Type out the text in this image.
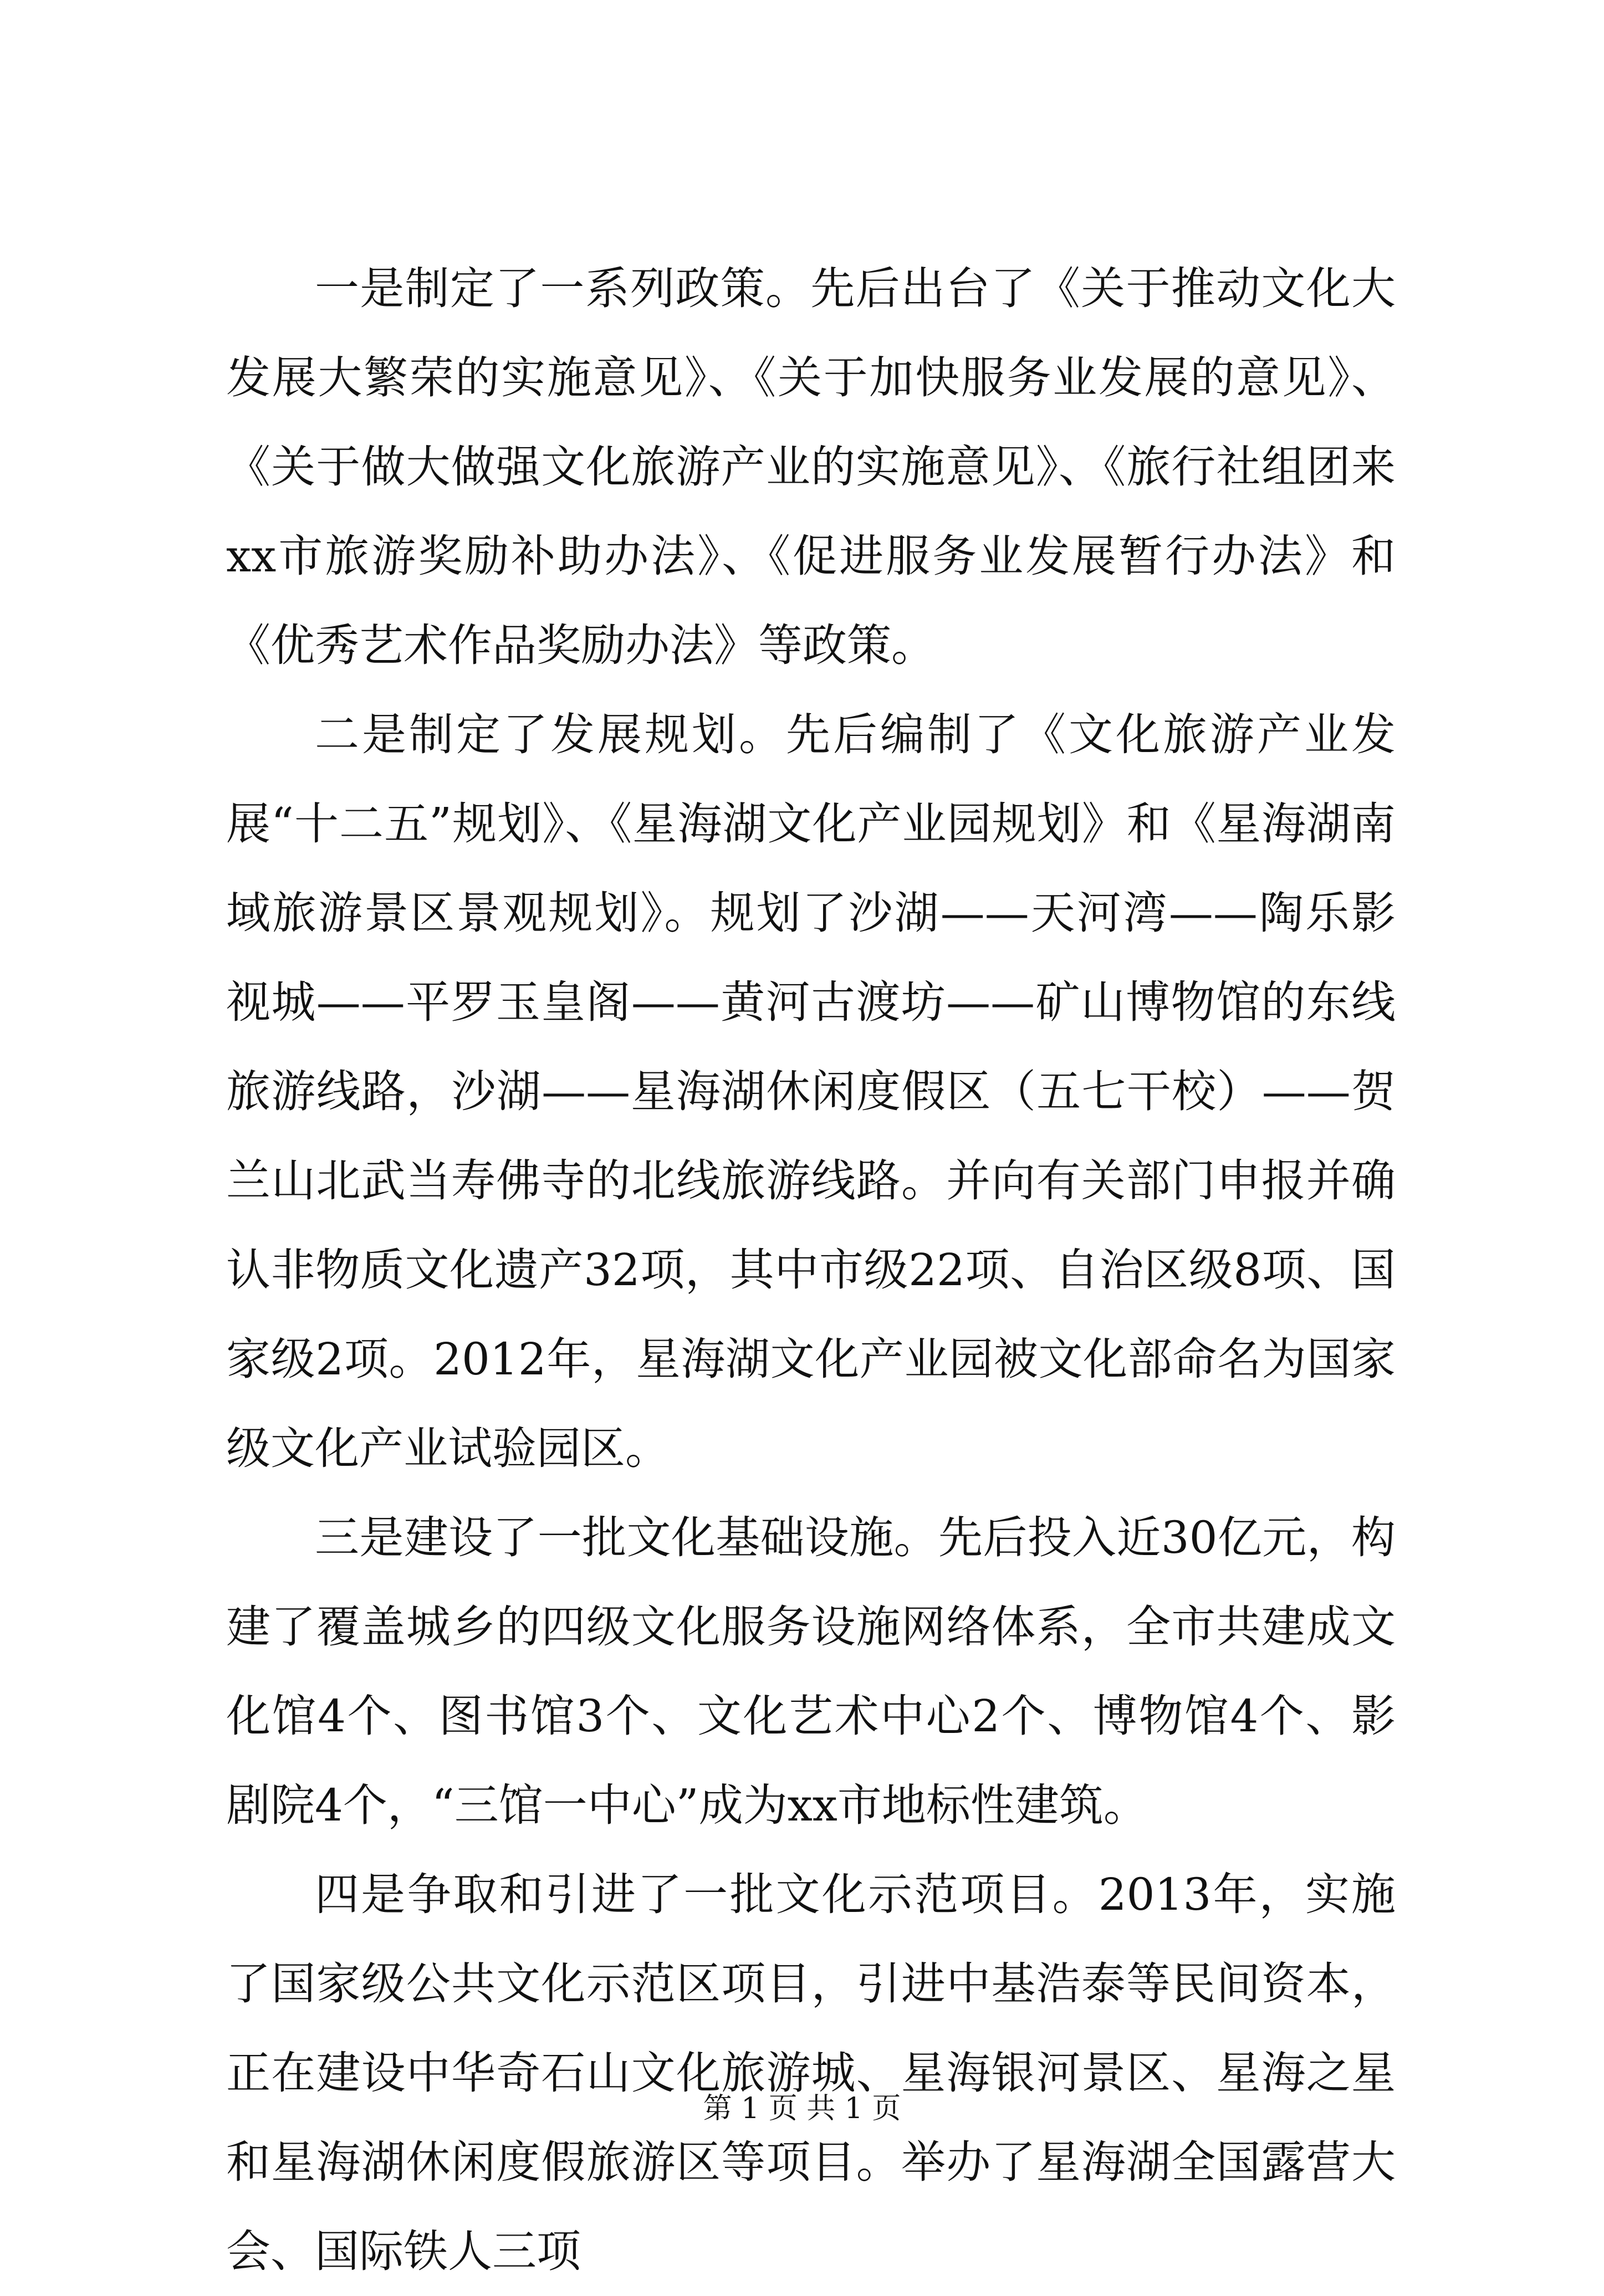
一是制定了一系列政策。先后出台了《关于推动文化大发展大繁荣的实施意见》、《关于加快服务业发展的意见》、《关于做大做强文化旅游产业的实施意见》、《旅行社组团来xx市旅游奖励补助办法》、《促进服务业发展暂行办法》和《优秀艺术作品奖励办法》等政策。

二是制定了发展规划。先后编制了《文化旅游产业发展“十二五”规划》、《星海湖文化产业园规划》和《星海湖南域旅游景区景观规划》。规划了沙湖——天河湾——陶乐影视城——平罗玉皇阁——黄河古渡坊——矿山博物馆的东线旅游线路，沙湖——星海湖休闲度假区（五七干校）——贺兰山北武当寿佛寺的北线旅游线路。并向有关部门申报并确认非物质文化遗产32项，其中市级22项、自治区级8项、国家级2项。2012年，星海湖文化产业园被文化部命名为国家级文化产业试验园区。

三是建设了一批文化基础设施。先后投入近30亿元，构建了覆盖城乡的四级文化服务设施网络体系，全市共建成文化馆4个、图书馆3个、文化艺术中心2个、博物馆4个、影剧院4个，“三馆一中心”成为xx市地标性建筑。

四是争取和引进了一批文化示范项目。2013年，实施了国家级公共文化示范区项目，引进中基浩泰等民间资本，正在建设中华奇石山文化旅游城、星海银河景区、星海之星和星海湖休闲度假旅游区等项目。举办了星海湖全国露营大会、国际铁人三项

第 1 页 共 1 页
